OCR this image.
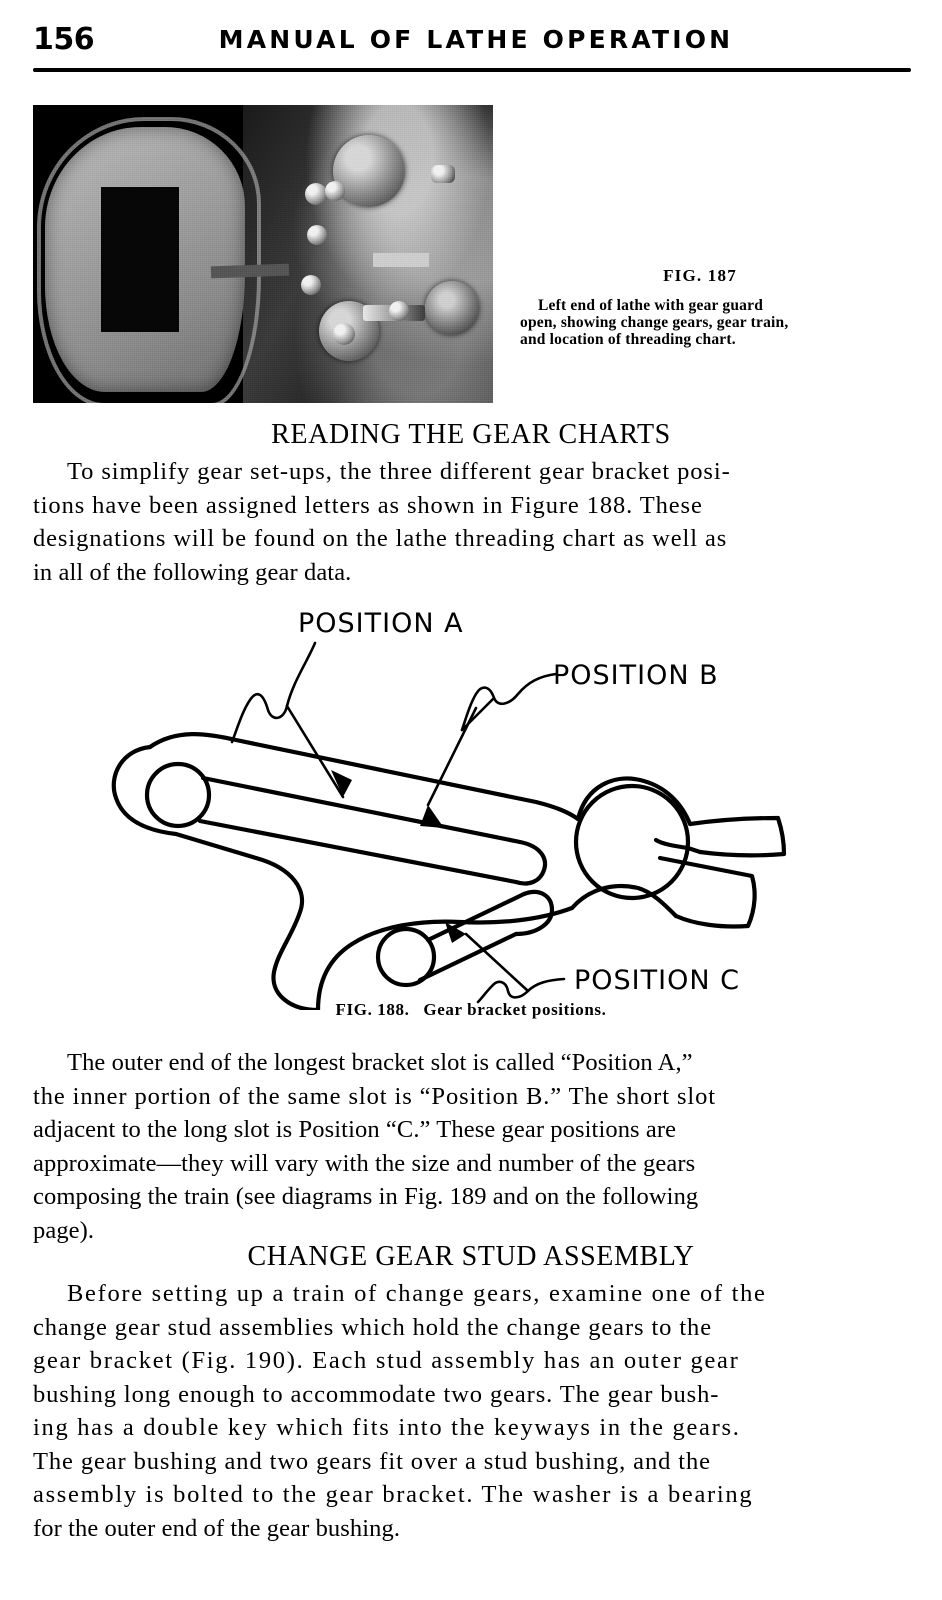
156	MANUAL OF LATHE OPERATION
FIG. 187
Left end of lathe with gear guard
open, showing change gears, gear train,
and location of threading chart.
READING THE GEAR CHARTS
To simplify gear set-ups, the three different gear bracket posi-
tions have been assigned letters as shown in Figure 188. These
designations will be found on the lathe threading chart as well as
in all of the following gear data.
POSITION A
POSITION B
POSITION C
FIG. 188. Gear bracket positions.
The outer end of the longest bracket slot is called “Position A,”
the inner portion of the same slot is “Position B.” The short slot
adjacent to the long slot is Position “C.” These gear positions are
approximate—they will vary with the size and number of the gears
composing the train (see diagrams in Fig. 189 and on the following
page).
CHANGE GEAR STUD ASSEMBLY
Before setting up a train of change gears, examine one of the
change gear stud assemblies which hold the change gears to the
gear bracket (Fig. 190). Each stud assembly has an outer gear
bushing long enough to accommodate two gears. The gear bush-
ing has a double key which fits into the keyways in the gears.
The gear bushing and two gears fit over a stud bushing, and the
assembly is bolted to the gear bracket. The washer is a bearing
for the outer end of the gear bushing.
